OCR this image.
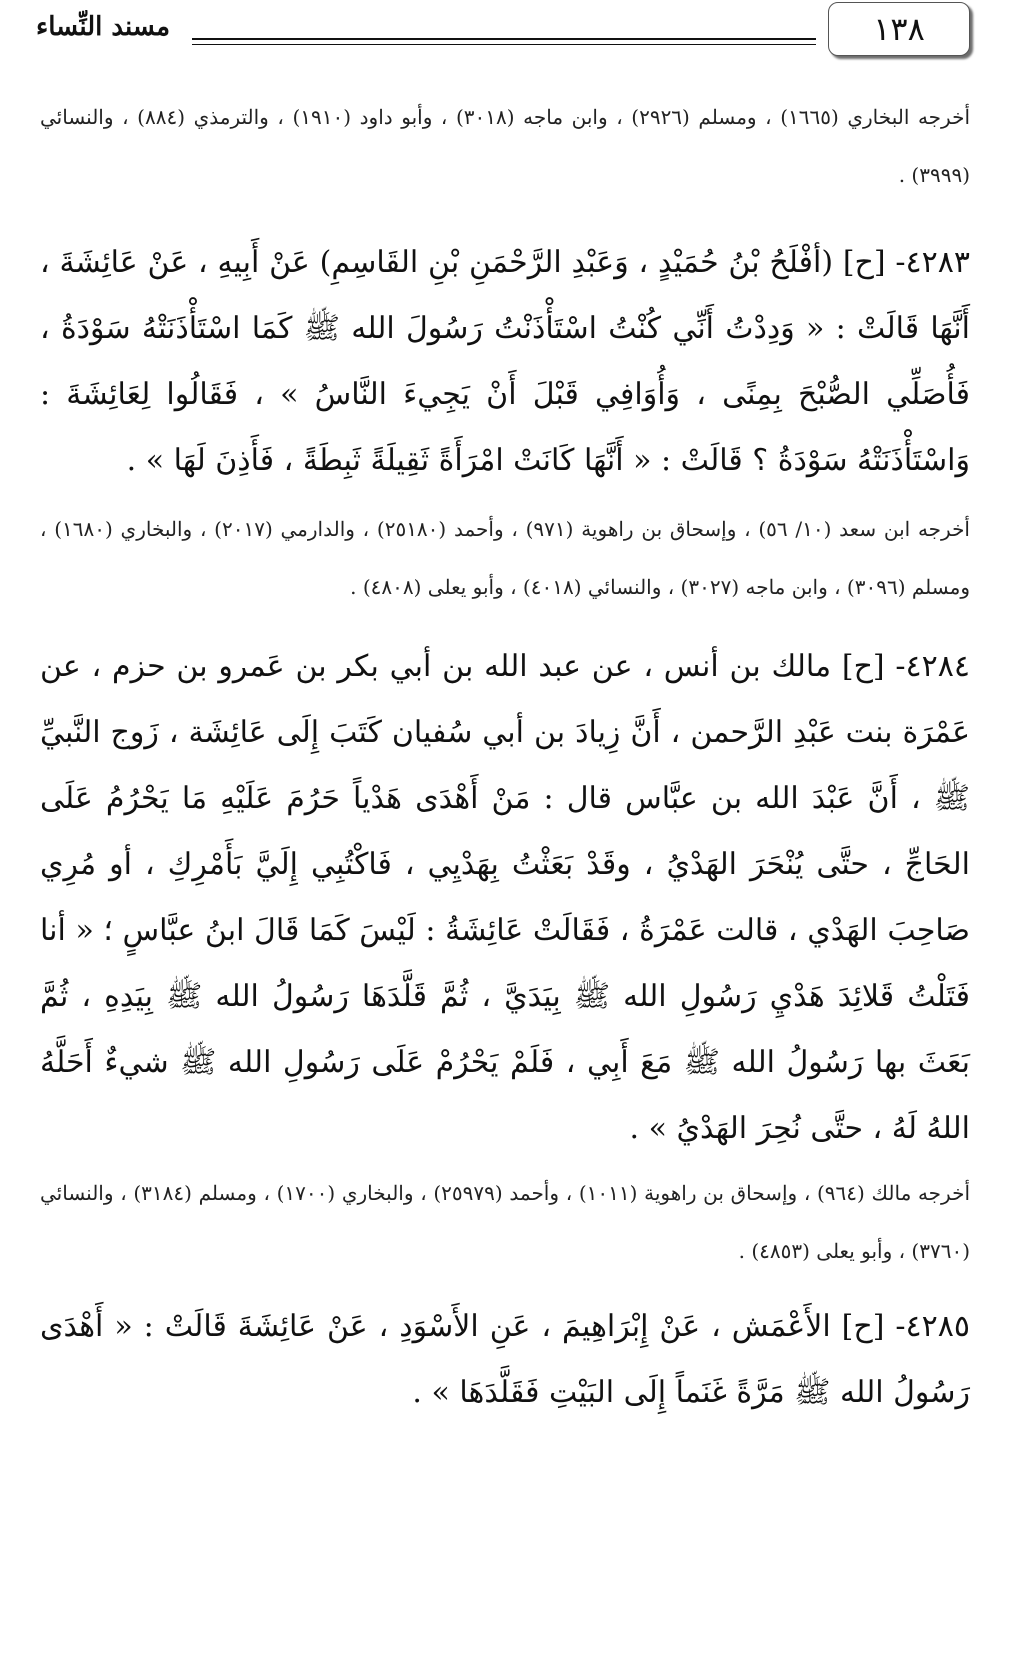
١٣٨
مسند النِّساء

أخرجه البخاري (١٦٦٥) ، ومسلم (٢٩٢٦) ، وابن ماجه (٣٠١٨) ، وأبو داود (١٩١٠) ، والترمذي (٨٨٤) ، والنسائي (٣٩٩٩) .

٤٢٨٣- [ح] (أفْلَحُ بْنُ حُمَيْدٍ ، وَعَبْدِ الرَّحْمَنِ بْنِ القَاسِمِ) عَنْ أَبِيهِ ، عَنْ عَائِشَةَ ، أَنَّهَا قَالَتْ : « وَدِدْتُ أَنِّي كُنْتُ اسْتَأْذَنْتُ رَسُولَ الله ﷺ كَمَا اسْتَأْذَنَتْهُ سَوْدَةُ ، فَأُصَلِّي الصُّبْحَ بِمِنًى ، وَأُوَافِي قَبْلَ أَنْ يَجِيءَ النَّاسُ » ، فَقَالُوا لِعَائِشَةَ : وَاسْتَأْذَنَتْهُ سَوْدَةُ ؟ قَالَتْ : « أَنَّهَا كَانَتْ امْرَأَةً ثَقِيلَةً ثَبِطَةً ، فَأَذِنَ لَهَا » .

أخرجه ابن سعد (١٠/ ٥٦) ، وإسحاق بن راهوية (٩٧١) ، وأحمد (٢٥١٨٠) ، والدارمي (٢٠١٧) ، والبخاري (١٦٨٠) ، ومسلم (٣٠٩٦) ، وابن ماجه (٣٠٢٧) ، والنسائي (٤٠١٨) ، وأبو يعلى (٤٨٠٨) .

٤٢٨٤- [ح] مالك بن أنس ، عن عبد الله بن أبي بكر بن عَمرو بن حزم ، عن عَمْرَة بنت عَبْدِ الرَّحمن ، أَنَّ زِيادَ بن أبي سُفيان كَتَبَ إِلَى عَائِشَة ، زَوج النَّبيِّ ﷺ ، أَنَّ عَبْدَ الله بن عبَّاس قال : مَنْ أَهْدَى هَدْياً حَرُمَ عَلَيْهِ مَا يَحْرُمُ عَلَى الحَاجِّ ، حتَّى يُنْحَرَ الهَدْيُ ، وقَدْ بَعَثْتُ بِهَدْيِي ، فَاكْتُبِي إِلَيَّ بَأَمْرِكِ ، أو مُرِي صَاحِبَ الهَدْي ، قالت عَمْرَةُ ، فَقَالَتْ عَائِشَةُ : لَيْسَ كَمَا قَالَ ابنُ عبَّاسٍ ؛ « أنا فَتَلْتُ قَلائِدَ هَدْيِ رَسُولِ الله ﷺ بِيَدَيَّ ، ثُمَّ قَلَّدَهَا رَسُولُ الله ﷺ بِيَدِهِ ، ثُمَّ بَعَثَ بها رَسُولُ الله ﷺ مَعَ أَبِي ، فَلَمْ يَحْرُمْ عَلَى رَسُولِ الله ﷺ شيءٌ أَحَلَّهُ اللهُ لَهُ ، حتَّى نُحِرَ الهَدْيُ » .

أخرجه مالك (٩٦٤) ، وإسحاق بن راهوية (١٠١١) ، وأحمد (٢٥٩٧٩) ، والبخاري (١٧٠٠) ، ومسلم (٣١٨٤) ، والنسائي (٣٧٦٠) ، وأبو يعلى (٤٨٥٣) .

٤٢٨٥- [ح] الأَعْمَش ، عَنْ إِبْرَاهِيمَ ، عَنِ الأَسْوَدِ ، عَنْ عَائِشَةَ قَالَتْ : « أَهْدَى رَسُولُ الله ﷺ مَرَّةً غَنَماً إِلَى البَيْتِ فَقَلَّدَهَا » .
